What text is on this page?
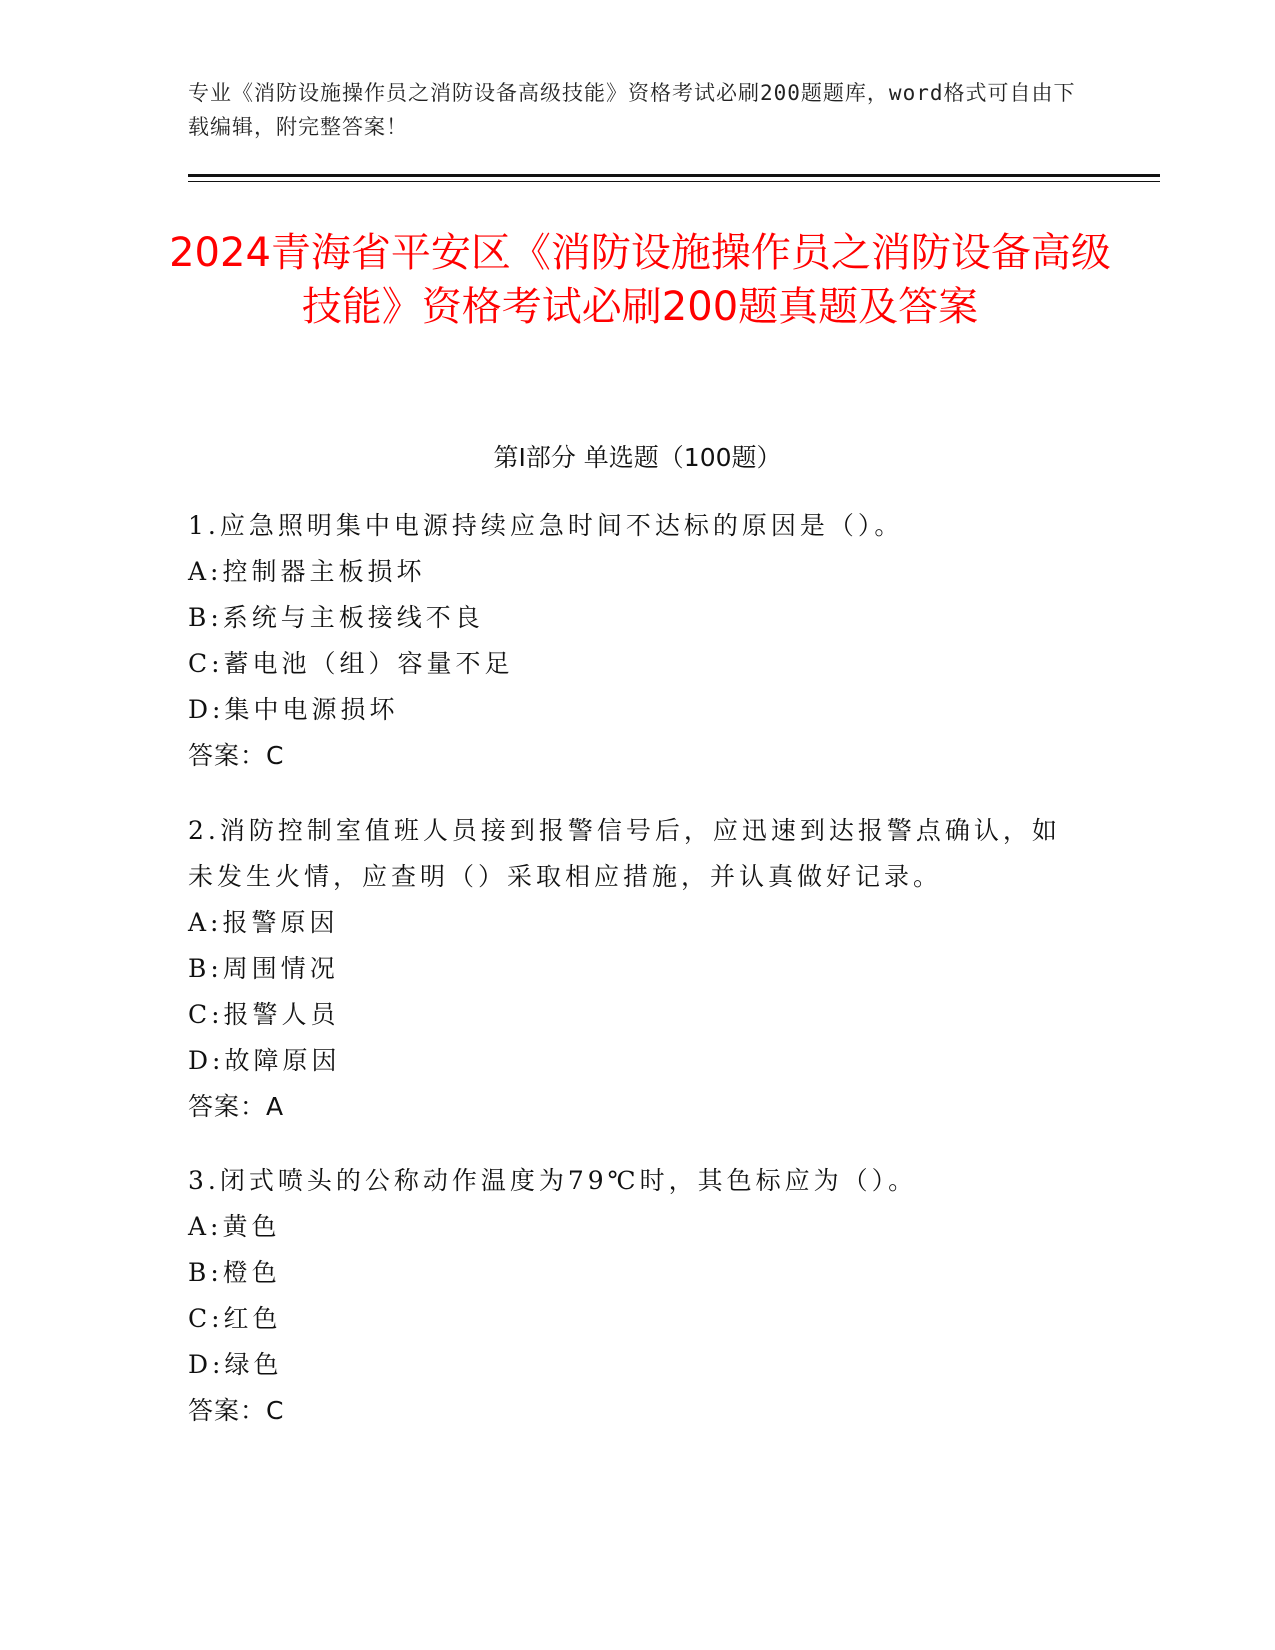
专业《消防设施操作员之消防设备高级技能》资格考试必刷200题题库，word格式可自由下载编辑，附完整答案！
2024青海省平安区《消防设施操作员之消防设备高级技能》资格考试必刷200题真题及答案
第Ⅰ部分 单选题（100题）
1.应急照明集中电源持续应急时间不达标的原因是（）。
A:控制器主板损坏
B:系统与主板接线不良
C:蓄电池（组）容量不足
D:集中电源损坏
答案：C
2.消防控制室值班人员接到报警信号后，应迅速到达报警点确认，如未发生火情，应查明（）采取相应措施，并认真做好记录。
A:报警原因
B:周围情况
C:报警人员
D:故障原因
答案：A
3.闭式喷头的公称动作温度为79℃时，其色标应为（）。
A:黄色
B:橙色
C:红色
D:绿色
答案：C
